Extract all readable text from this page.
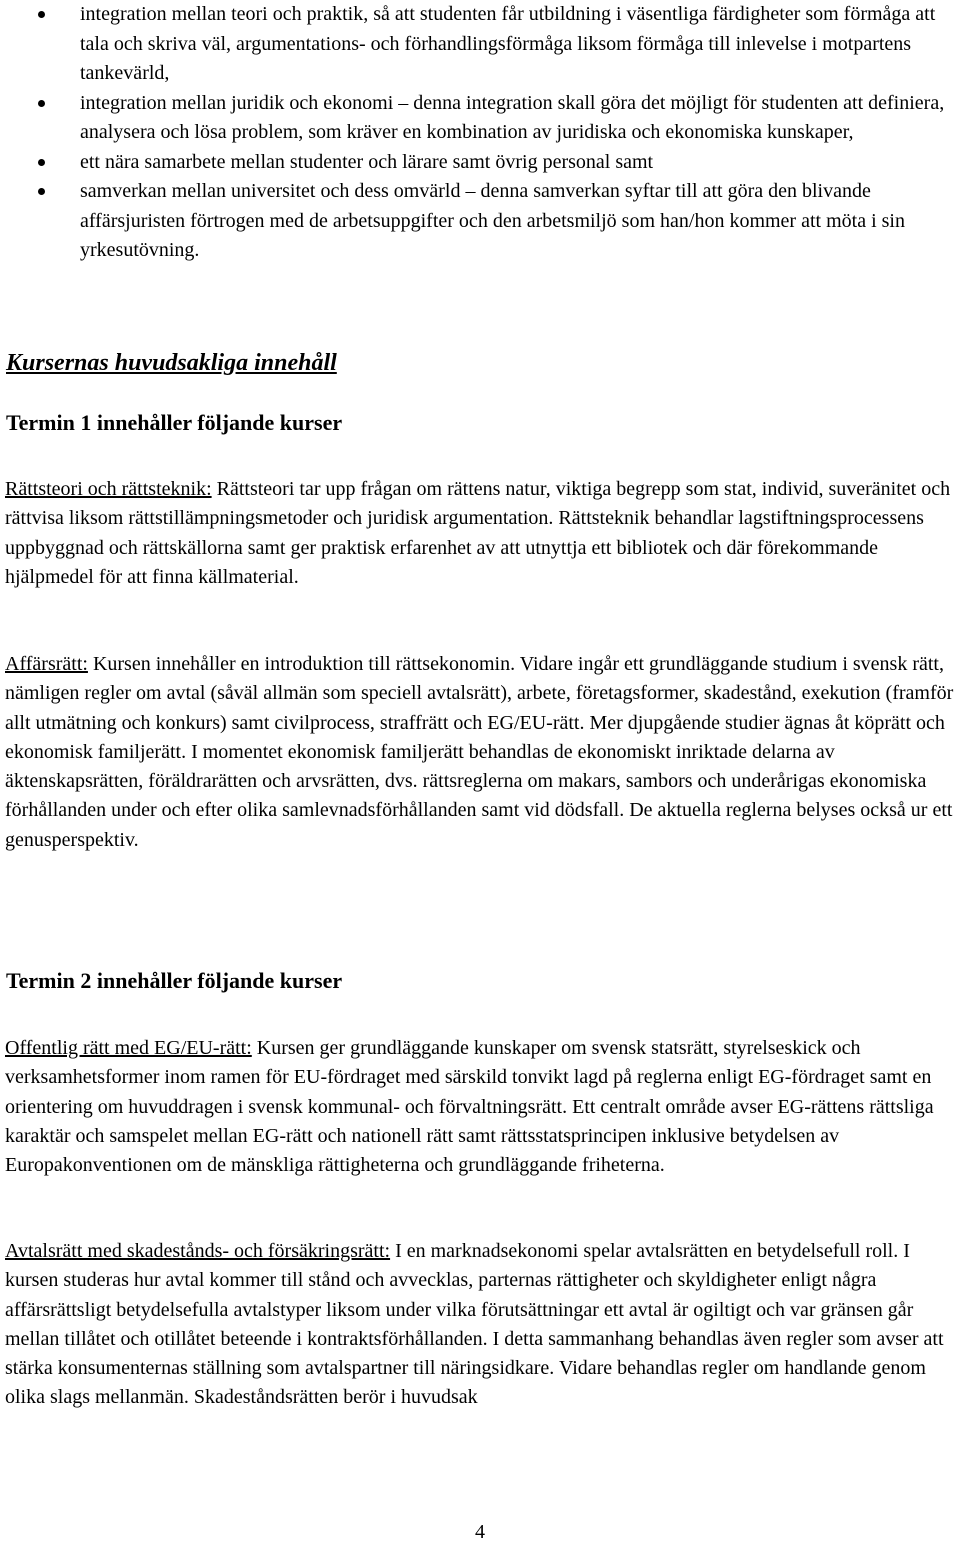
integration mellan teori och praktik, så att studenten får utbildning i väsentliga färdigheter som förmåga att tala och skriva väl, argumentations- och förhandlingsförmåga liksom förmåga till inlevelse i motpartens tankevärld,
integration mellan juridik och ekonomi – denna integration skall göra det möjligt för studenten att definiera, analysera och lösa problem, som kräver en kombination av juridiska och ekonomiska kunskaper,
ett nära samarbete mellan studenter och lärare samt övrig personal samt
samverkan mellan universitet och dess omvärld – denna samverkan syftar till att göra den blivande affärsjuristen förtrogen med de arbetsuppgifter och den arbetsmiljö som han/hon kommer att möta i sin yrkesutövning.
Kursernas huvudsakliga innehåll
Termin 1 innehåller följande kurser

Rättsteori och rättsteknik: Rättsteori tar upp frågan om rättens natur, viktiga begrepp som stat, individ, suveränitet och rättvisa liksom rättstillämpningsmetoder och juridisk argumentation. Rättsteknik behandlar lagstiftningsprocessens uppbyggnad och rättskällorna samt ger praktisk erfarenhet av att utnyttja ett bibliotek och där förekommande hjälpmedel för att finna källmaterial.

Affärsrätt: Kursen innehåller en introduktion till rättsekonomin. Vidare ingår ett grundläggande studium i svensk rätt, nämligen regler om avtal (såväl allmän som speciell avtalsrätt), arbete, företagsformer, skadestånd, exekution (framför allt utmätning och konkurs) samt civilprocess, straffrätt och EG/EU-rätt. Mer djupgående studier ägnas åt köprätt och ekonomisk familjerätt. I momentet ekonomisk familjerätt behandlas de ekonomiskt inriktade delarna av äktenskapsrätten, föräldrarätten och arvsrätten, dvs. rättsreglerna om makars, sambors och underårigas ekonomiska förhållanden under och efter olika samlevnadsförhållanden samt vid dödsfall. De aktuella reglerna belyses också ur ett genusperspektiv.

Termin 2 innehåller följande kurser

Offentlig rätt med EG/EU-rätt: Kursen ger grundläggande kunskaper om svensk statsrätt, styrelseskick och verksamhetsformer inom ramen för EU-fördraget med särskild tonvikt lagd på reglerna enligt EG-fördraget samt en orientering om huvuddragen i svensk kommunal- och förvaltningsrätt. Ett centralt område avser EG-rättens rättsliga karaktär och samspelet mellan EG-rätt och nationell rätt samt rättsstatsprincipen inklusive betydelsen av Europakonventionen om de mänskliga rättigheterna och grundläggande friheterna.

Avtalsrätt med skadestånds- och försäkringsrätt: I en marknadsekonomi spelar avtalsrätten en betydelsefull roll. I kursen studeras hur avtal kommer till stånd och avvecklas, parternas rättigheter och skyldigheter enligt några affärsrättsligt betydelsefulla avtalstyper liksom under vilka förutsättningar ett avtal är ogiltigt och var gränsen går mellan tillåtet och otillåtet beteende i kontraktsförhållanden. I detta sammanhang behandlas även regler som avser att stärka konsumenternas ställning som avtalspartner till näringsidkare. Vidare behandlas regler om handlande genom olika slags mellanmän. Skadeståndsrätten berör i huvudsak

4
